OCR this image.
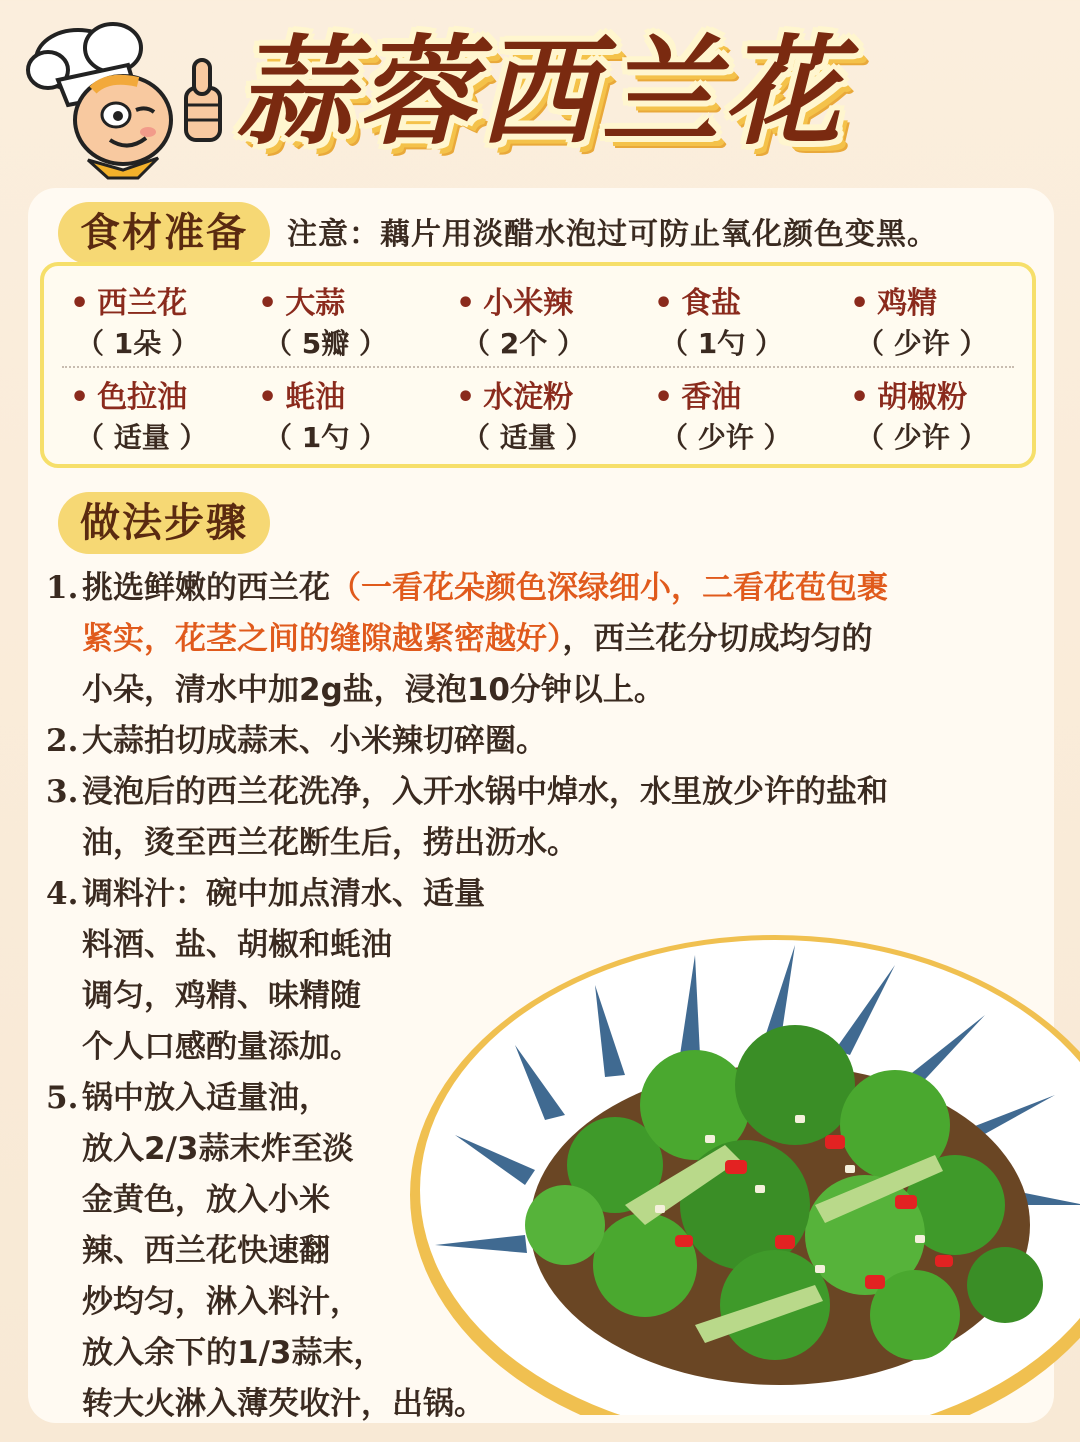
蒜蓉西兰花
食材准备	注意：藕片用淡醋水泡过可防止氧化颜色变黑。
• 西兰花
（ 1朵 ）
• 大蒜
（ 5瓣 ）
• 小米辣
（ 2个 ）
• 食盐
（ 1勺 ）
• 鸡精
（ 少许 ）
• 色拉油
（ 适量 ）
• 蚝油
（ 1勺 ）
• 水淀粉
（ 适量 ）
• 香油
（ 少许 ）
• 胡椒粉
（ 少许 ）
做法步骤
1. 挑选鲜嫩的西兰花（一看花朵颜色深绿细小，二看花苞包裹
紧实，花茎之间的缝隙越紧密越好），西兰花分切成均匀的
小朵，清水中加2g盐，浸泡10分钟以上。
2. 大蒜拍切成蒜末、小米辣切碎圈。
3. 浸泡后的西兰花洗净，入开水锅中焯水，水里放少许的盐和
油，烫至西兰花断生后，捞出沥水。
4. 调料汁：碗中加点清水、适量
料酒、盐、胡椒和蚝油
调匀，鸡精、味精随
个人口感酌量添加。
5. 锅中放入适量油，
放入2/3蒜末炸至淡
金黄色，放入小米
辣、西兰花快速翻
炒均匀，淋入料汁，
放入余下的1/3蒜末，
转大火淋入薄芡收汁，出锅。
